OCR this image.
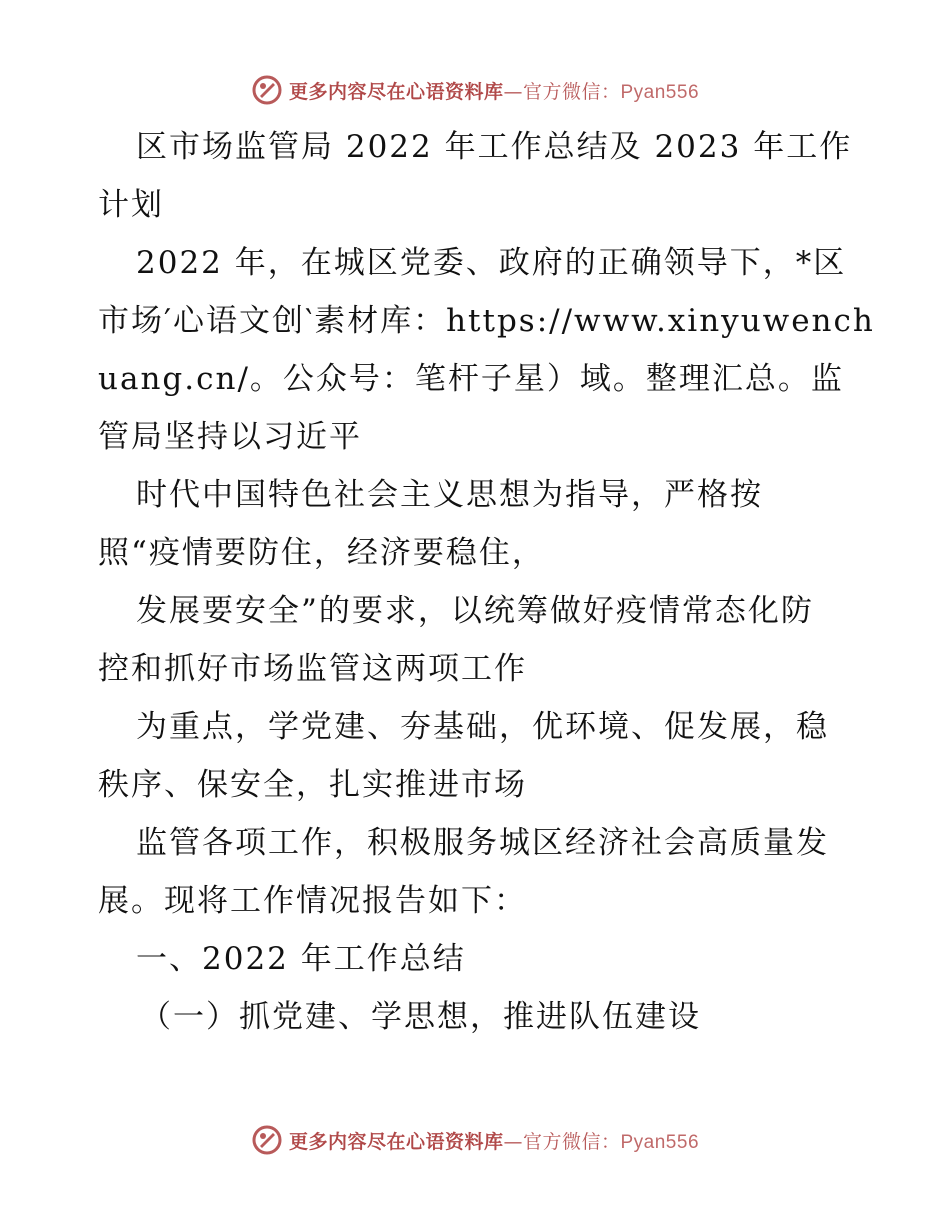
更多内容尽在心语资料库—官方微信：Pyan556
区市场监管局 2022 年工作总结及 2023 年工作
计划
2022 年，在城区党委、政府的正确领导下，*区
市场′心语文创‵素材库：https://www.xinyuwench
uang.cn/。公众号：笔杆子星）域。整理汇总。监
管局坚持以习近平
时代中国特色社会主义思想为指导，严格按
照“疫情要防住，经济要稳住，
发展要安全”的要求，以统筹做好疫情常态化防
控和抓好市场监管这两项工作
为重点，学党建、夯基础，优环境、促发展，稳
秩序、保安全，扎实推进市场
监管各项工作，积极服务城区经济社会高质量发
展。现将工作情况报告如下：
一、2022 年工作总结
（一）抓党建、学思想，推进队伍建设
更多内容尽在心语资料库—官方微信：Pyan556
